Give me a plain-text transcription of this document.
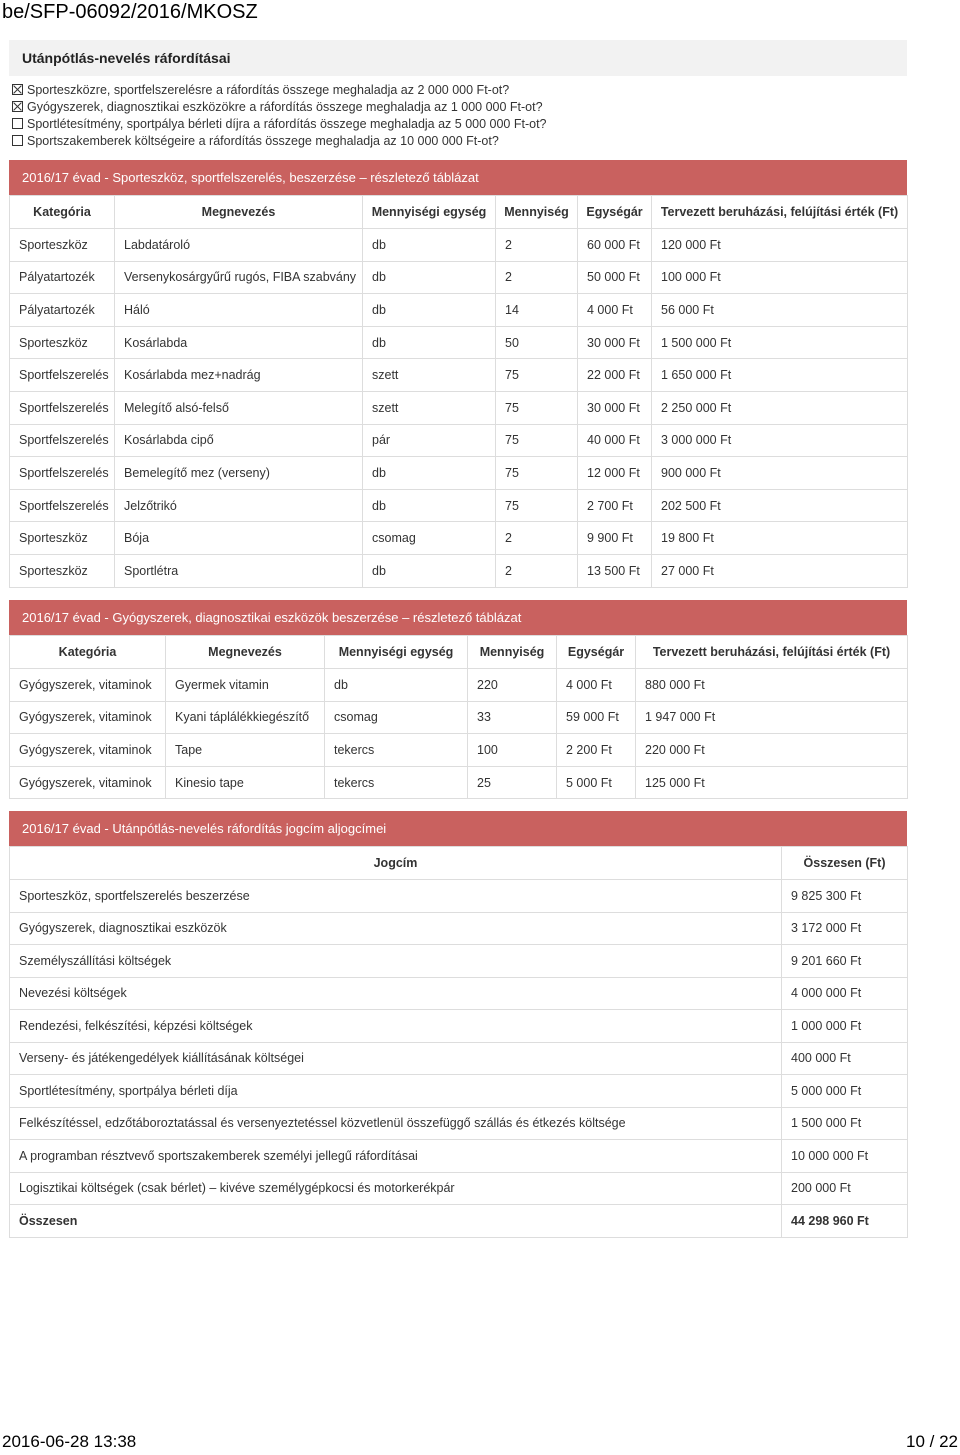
be/SFP-06092/2016/MKOSZ
Utánpótlás-nevelés ráfordításai
Sporteszközre, sportfelszerelésre a ráfordítás összege meghaladja az 2 000 000 Ft-ot?
Gyógyszerek, diagnosztikai eszközökre a ráfordítás összege meghaladja az 1 000 000 Ft-ot?
Sportlétesítmény, sportpálya bérleti díjra a ráfordítás összege meghaladja az 5 000 000 Ft-ot?
Sportszakemberek költségeire a ráfordítás összege meghaladja az 10 000 000 Ft-ot?
2016/17 évad - Sporteszköz, sportfelszerelés, beszerzése – részletező táblázat
Kategória	Megnevezés	Mennyiségi egység	Mennyiség	Egységár	Tervezett beruházási, felújítási érték (Ft)
Sporteszköz	Labdatároló	db	2	60 000 Ft	120 000 Ft
Pályatartozék	Versenykosárgyűrű rugós, FIBA szabvány	db	2	50 000 Ft	100 000 Ft
Pályatartozék	Háló	db	14	4 000 Ft	56 000 Ft
Sporteszköz	Kosárlabda	db	50	30 000 Ft	1 500 000 Ft
Sportfelszerelés	Kosárlabda mez+nadrág	szett	75	22 000 Ft	1 650 000 Ft
Sportfelszerelés	Melegítő alsó-felső	szett	75	30 000 Ft	2 250 000 Ft
Sportfelszerelés	Kosárlabda cipő	pár	75	40 000 Ft	3 000 000 Ft
Sportfelszerelés	Bemelegítő mez (verseny)	db	75	12 000 Ft	900 000 Ft
Sportfelszerelés	Jelzőtrikó	db	75	2 700 Ft	202 500 Ft
Sporteszköz	Bója	csomag	2	9 900 Ft	19 800 Ft
Sporteszköz	Sportlétra	db	2	13 500 Ft	27 000 Ft
2016/17 évad - Gyógyszerek, diagnosztikai eszközök beszerzése – részletező táblázat
Kategória	Megnevezés	Mennyiségi egység	Mennyiség	Egységár	Tervezett beruházási, felújítási érték (Ft)
Gyógyszerek, vitaminok	Gyermek vitamin	db	220	4 000 Ft	880 000 Ft
Gyógyszerek, vitaminok	Kyani táplálékkiegészítő	csomag	33	59 000 Ft	1 947 000 Ft
Gyógyszerek, vitaminok	Tape	tekercs	100	2 200 Ft	220 000 Ft
Gyógyszerek, vitaminok	Kinesio tape	tekercs	25	5 000 Ft	125 000 Ft
2016/17 évad - Utánpótlás-nevelés ráfordítás jogcím aljogcímei
Jogcím	Összesen (Ft)
Sporteszköz, sportfelszerelés beszerzése	9 825 300 Ft
Gyógyszerek, diagnosztikai eszközök	3 172 000 Ft
Személyszállítási költségek	9 201 660 Ft
Nevezési költségek	4 000 000 Ft
Rendezési, felkészítési, képzési költségek	1 000 000 Ft
Verseny- és játékengedélyek kiállításának költségei	400 000 Ft
Sportlétesítmény, sportpálya bérleti díja	5 000 000 Ft
Felkészítéssel, edzőtáboroztatással és versenyeztetéssel közvetlenül összefüggő szállás és étkezés költsége	1 500 000 Ft
A programban résztvevő sportszakemberek személyi jellegű ráfordításai	10 000 000 Ft
Logisztikai költségek (csak bérlet) – kivéve személygépkocsi és motorkerékpár	200 000 Ft
Összesen	44 298 960 Ft
2016-06-28 13:38	10 / 22
